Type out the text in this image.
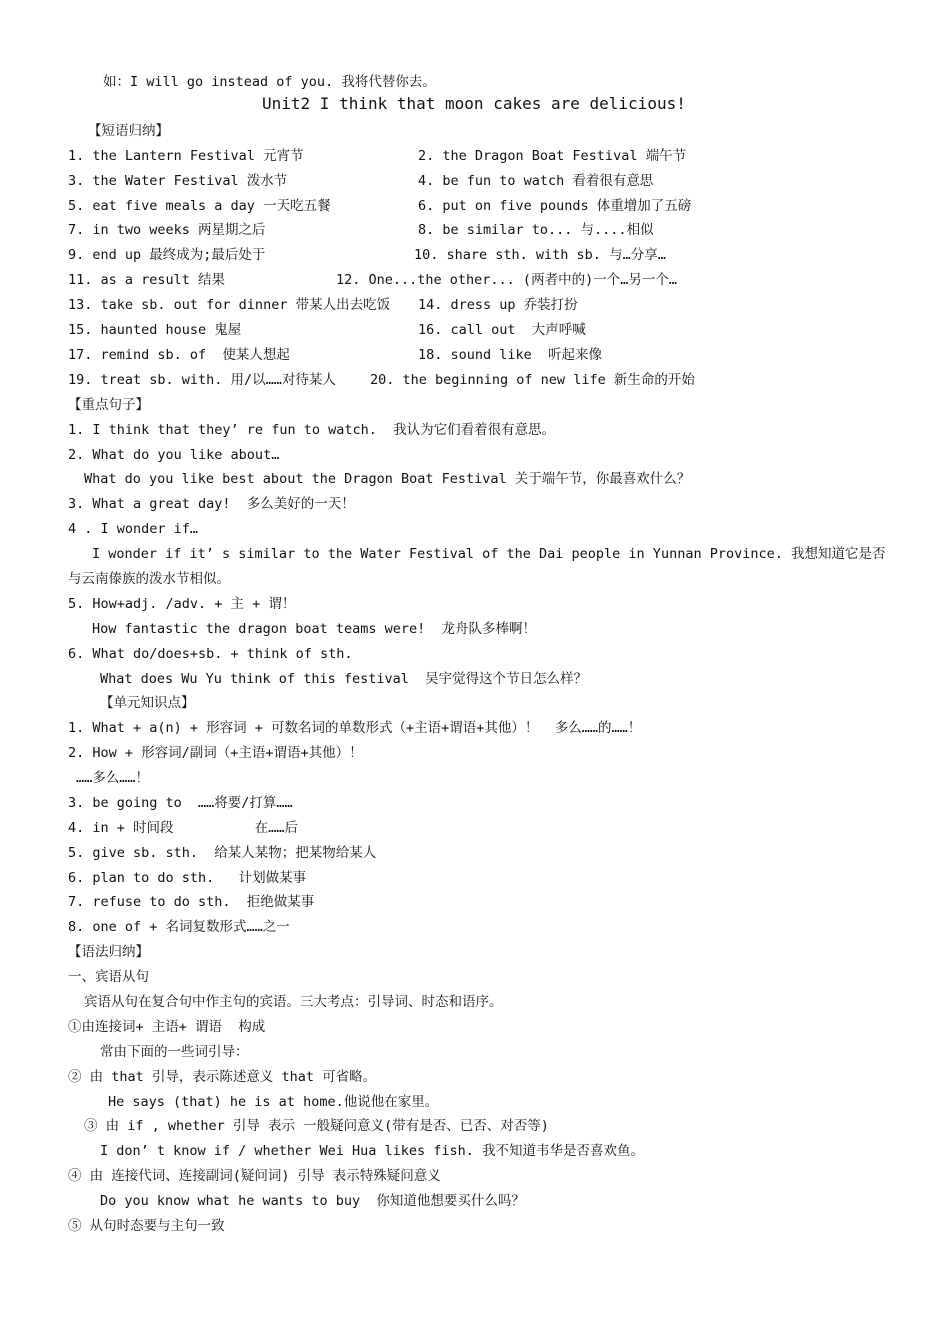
如：I will go instead of you. 我将代替你去。
Unit2 I think that moon cakes are delicious!
【短语归纳】
1. the Lantern Festival 元宵节	2. the Dragon Boat Festival 端午节
3. the Water Festival 泼水节	4. be fun to watch 看着很有意思
5. eat five meals a day 一天吃五餐	6. put on five pounds 体重增加了五磅
7. in two weeks 两星期之后	8. be similar to... 与....相似
9. end up 最终成为;最后处于	10. share sth. with sb. 与…分享…
11. as a result 结果	12. One...the other... (两者中的)一个…另一个…
13. take sb. out for dinner 带某人出去吃饭 14. dress up 乔装打扮
15. haunted house 鬼屋	16. call out  大声呼喊
17. remind sb. of  使某人想起	18. sound like  听起来像
19. treat sb. with. 用/以……对待某人	20. the beginning of new life 新生命的开始
【重点句子】
1. I think that they’ re fun to watch.  我认为它们看着很有意思。
2. What do you like about…
What do you like best about the Dragon Boat Festival 关于端午节，你最喜欢什么？
3. What a great day!  多么美好的一天！
4 . I wonder if…
I wonder if it’ s similar to the Water Festival of the Dai people in Yunnan Province. 我想知道它是否
与云南傣族的泼水节相似。
5. How+adj. /adv. + 主 + 谓！
How fantastic the dragon boat teams were!  龙舟队多棒啊！
6. What do/does+sb. + think of sth.
What does Wu Yu think of this festival  吴宇觉得这个节日怎么样？
【单元知识点】
1. What + a(n) + 形容词 + 可数名词的单数形式（+主语+谓语+其他）！  多么……的……！
2. How + 形容词/副词（+主语+谓语+其他）！
……多么……！
3. be going to  ……将要/打算……
4. in + 时间段          在……后
5. give sb. sth.  给某人某物；把某物给某人
6. plan to do sth.   计划做某事
7. refuse to do sth.  拒绝做某事
8. one of + 名词复数形式……之一
【语法归纳】
一、宾语从句
宾语从句在复合句中作主句的宾语。三大考点：引导词、时态和语序。
①由连接词+ 主语+ 谓语  构成
常由下面的一些词引导：
② 由 that 引导，表示陈述意义 that 可省略。
He says (that) he is at home.他说他在家里。
③ 由 if , whether 引导 表示 一般疑问意义(带有是否、已否、对否等)
I don’ t know if / whether Wei Hua likes fish. 我不知道韦华是否喜欢鱼。
④ 由 连接代词、连接副词(疑问词) 引导 表示特殊疑问意义
Do you know what he wants to buy  你知道他想要买什么吗？
⑤ 从句时态要与主句一致
